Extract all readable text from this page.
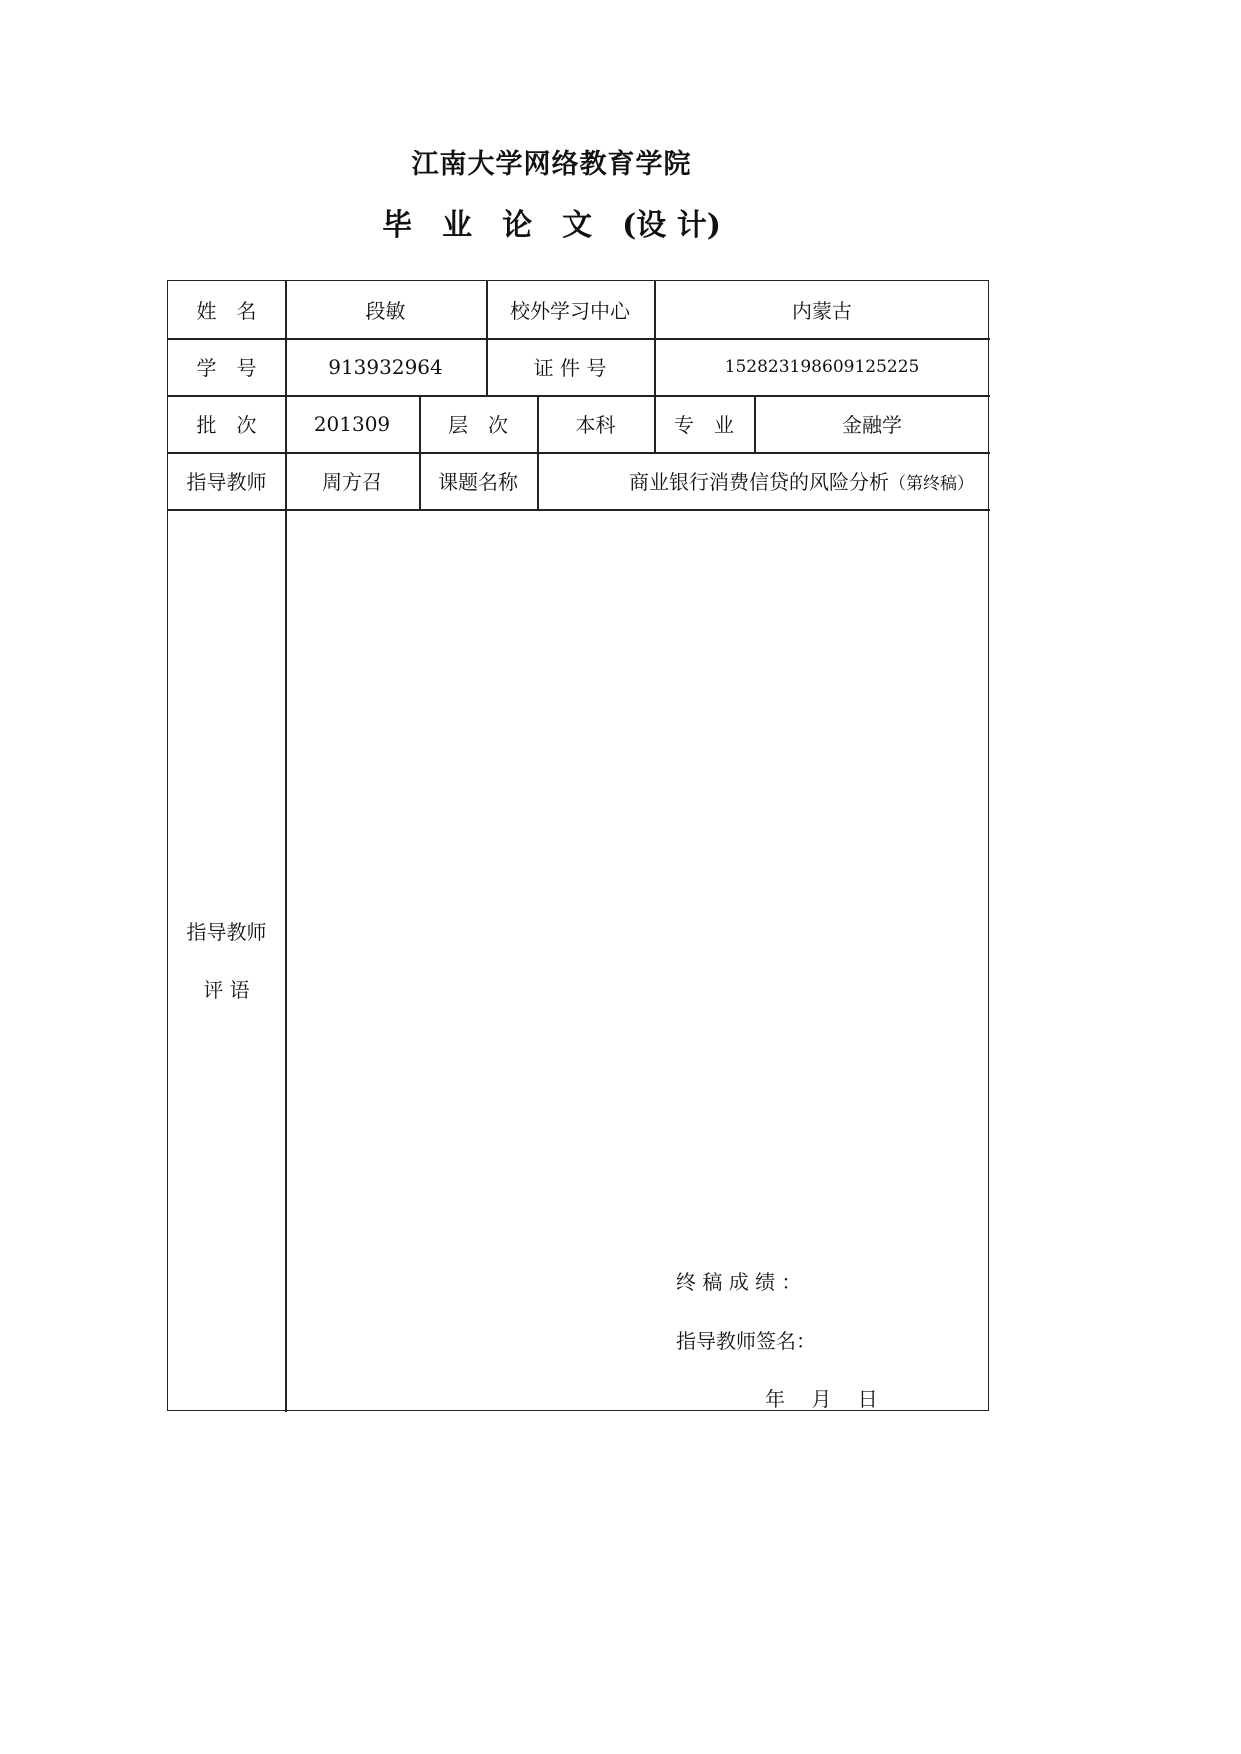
江南大学网络教育学院
毕　业　论　文　(设 计)
姓　名	段敏	校外学习中心	内蒙古
学　号	913932964	证 件 号	152823198609125225
批　次	201309	层　次	本科	专　业	金融学
指导教师	周方召	课题名称	商业银行消费信贷的风险分析 （第终稿）
指导教师
评 语
终 稿 成 绩 ：
指导教师签名：
年　 月　 日
